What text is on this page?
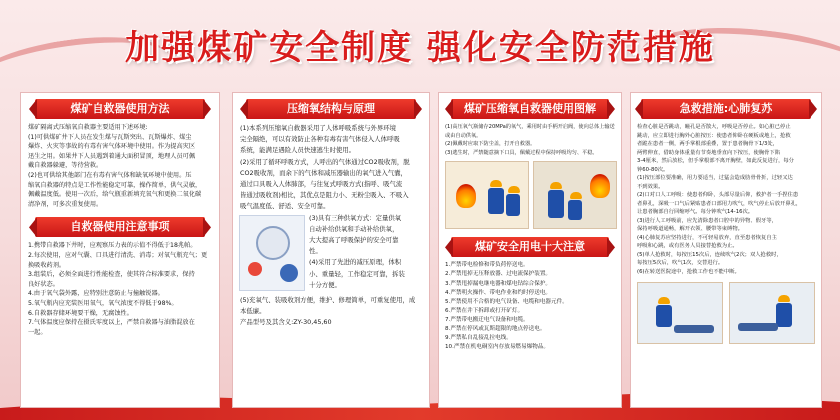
加强煤矿安全制度 强化安全防范措施
煤矿自救器使用方法

煤矿隔离式压缩氧自救器主要适用下述环境:

(1)可供煤矿井下人员在发生煤与瓦斯突出、瓦斯爆炸、煤尘

爆炸、火灾等事故的有毒有害气体环境中使用。作为提高灾区

迅生之用。如果井下人员遇到着通大面积冒顶，地理人员可佩

戴自救器躲避，等待营救。

(2)也可供给其他部门在有毒有害气体和缺氧环境中使用。压

缩氧自救器的特点是工作性能稳定可靠，操作简单，供气灵敏，

佩戴温度低。使用一次后，给气瓶重新填充氧气和更换二氧化碳

清净剂，可多次重复使用。

自救器使用注意事项

1.携带自救器下井时，应观察压力表的示值不得低于18兆帕。

2.每次使用，应对气囊、口具进行清洗、消毒；对氧气瓶充气；更

换吸收药剂。

3.组装后，必须全面进行性能检查，使其符合标准要求，保持

良好状态。

4.由于氧气袋外露，应特别注意防止与撞触锐器。

5.氧气瓶内应充装医用氧气，氧气浓度不得低于98%。

6.自救器存储环境要干燥，无腐蚀性。

7.气体温度应保持在摄氏零度以上，严禁自救器与油脂混放在

一起。

压缩氧结构与原理

(1)本系列压缩氧自救器采用了人体呼吸系统与外界环境

完全隔绝，可以有效防止各种有毒有害气体侵入人体呼吸

系统，能满足遇险人员快速逃生时使用。

(2)采用了循环呼吸方式，人呼出的气体通过CO2吸收剂，脱

CO2吸收剂，而余下的气体和减压器输出的氧气进入气囊，

通过口具吸入人体肺部，与往复式呼吸方式(指呼、吸气流

皆通过吸收剂)相比，其优点是阻力小、无粉尘吸入、不吸入

吸气温度低、舒适、安全可靠。

(3)具有三种供氧方式：定量供氧

自动补给供氧和手动补给供氧，

大大提高了呼吸保护的安全可靠

性。

(4)采用了先进的减压原理，体积

小、重量轻，工作稳定可靠，拆装

十分方便。

(5)充氧气、装吸收剂方便，维护、修理简单，可重复使用，成

本低廉。

产品型号及其含义:ZY-30,45,60

煤矿压缩氧自救器使用图解

(1)高压氧气瓶储存20MPa的氧气，乘用时由手柄开启阀，使向总体上输送

或由自动供氧。

(2)佩戴时应取下防尘盖，打开自救器。

(3)逃生时，严禁随意摘下口具，佩戴过程中保持呼吸均匀、平稳。

煤矿安全用电十大注意

1.严禁带电检修和带负荷停送电。

2.严禁甩掉无压释放器、过电流保护装置。

3.严禁甩掉漏电继电器和煤电钻综合保护。

4.严禁明火操作、带电作业和约时停送电。

5.严禁使用不合格的电气设备、电缆和电器元件。

6.严禁在井下拆卸或打开矿灯。

7.严禁带电搬迁电气设备和电缆。

8.严禁在停风或瓦斯超限的地点停送电。

9.严禁私自乱接乱拉电线。

10.严禁在机电硐室内存放易燃易爆物品。

急救措施:心肺复苏

检查心脏是否跳动，瞳孔是否散大，呼吸是否停止。如心脏已停止

跳动，应立即进行胸外心脏按压：使患者仰卧在硬板或地上，抢救

者跪在患者一侧，两手掌根部重叠，置于患者胸骨下1/3处，

两臂伸直，借助身体重量有节奏地垂直向下按压，使胸骨下陷

3-4厘米，然后放松，但手掌根部不离开胸壁，如此反复进行，每分

钟60-80次。

(1)按压部位要准确，用力要适当，过猛会造成肋骨骨折，过轻又达

不到效果。

(2)口对口人工呼吸：使患者仰卧，头部尽量后仰，救护者一手捏住患

者鼻孔，深吸一口气后紧贴患者口部用力吹气，吹气停止后放开鼻孔，

让患者胸部自行回缩呼气。每分钟吹气14-16次。

(3)进行人工呼吸前，应先清除患者口腔中的异物、假牙等，

保持呼吸道通畅，解开衣领、腰带等束缚物。

(4)心肺复苏应坚持进行，不可轻易放弃，直至患者恢复自主

呼吸和心跳，或有医务人员接替抢救为止。

(5)单人抢救时，每按压15次后，连续吹气2次；双人抢救时，

每按压5次后，吹气1次，交替进行。

(6)在转送医院途中，抢救工作也不能中断。
